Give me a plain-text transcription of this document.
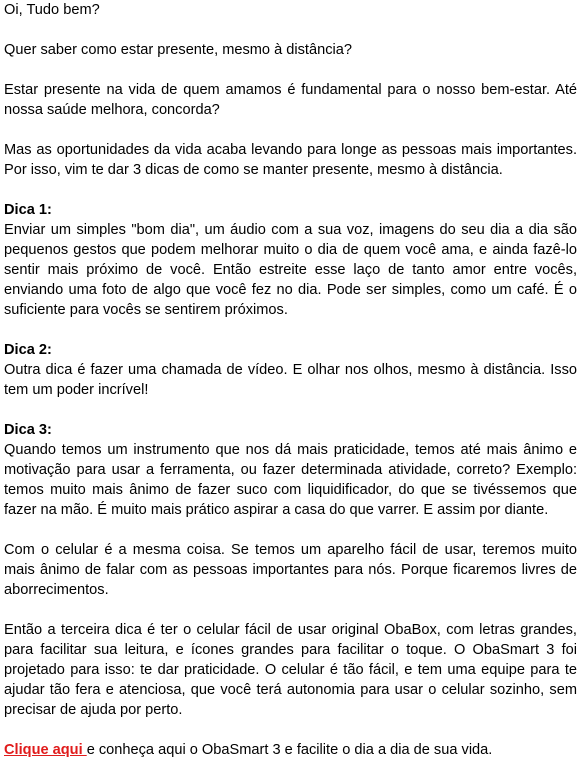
Oi, Tudo bem?

Quer saber como estar presente, mesmo à distância?

Estar presente na vida de quem amamos é fundamental para o nosso bem-estar. Até nossa saúde melhora, concorda?

Mas as oportunidades da vida acaba levando para longe as pessoas mais importantes. Por isso, vim te dar 3 dicas de como se manter presente, mesmo à distância.

Dica 1:
Enviar um simples "bom dia", um áudio com a sua voz, imagens do seu dia a dia são pequenos gestos que podem melhorar muito o dia de quem você ama, e ainda fazê-lo sentir mais próximo de você. Então estreite esse laço de tanto amor entre vocês, enviando uma foto de algo que você fez no dia. Pode ser simples, como um café. É o suficiente para vocês se sentirem próximos.

Dica 2:
Outra dica é fazer uma chamada de vídeo. E olhar nos olhos, mesmo à distância. Isso tem um poder incrível!

Dica 3:
Quando temos um instrumento que nos dá mais praticidade, temos até mais ânimo e motivação para usar a ferramenta, ou fazer determinada atividade, correto? Exemplo: temos muito mais ânimo de fazer suco com liquidificador, do que se tivéssemos que fazer na mão. É muito mais prático aspirar a casa do que varrer. E assim por diante.

Com o celular é a mesma coisa. Se temos um aparelho fácil de usar, teremos muito mais ânimo de falar com as pessoas importantes para nós. Porque ficaremos livres de aborrecimentos.

Então a terceira dica é ter o celular fácil de usar original ObaBox, com letras grandes, para facilitar sua leitura, e ícones grandes para facilitar o toque. O ObaSmart 3 foi projetado para isso: te dar praticidade. O celular é tão fácil, e tem uma equipe para te ajudar tão fera e atenciosa, que você terá autonomia para usar o celular sozinho, sem precisar de ajuda por perto.

Clique aqui e conheça aqui o ObaSmart 3 e facilite o dia a dia de sua vida.
